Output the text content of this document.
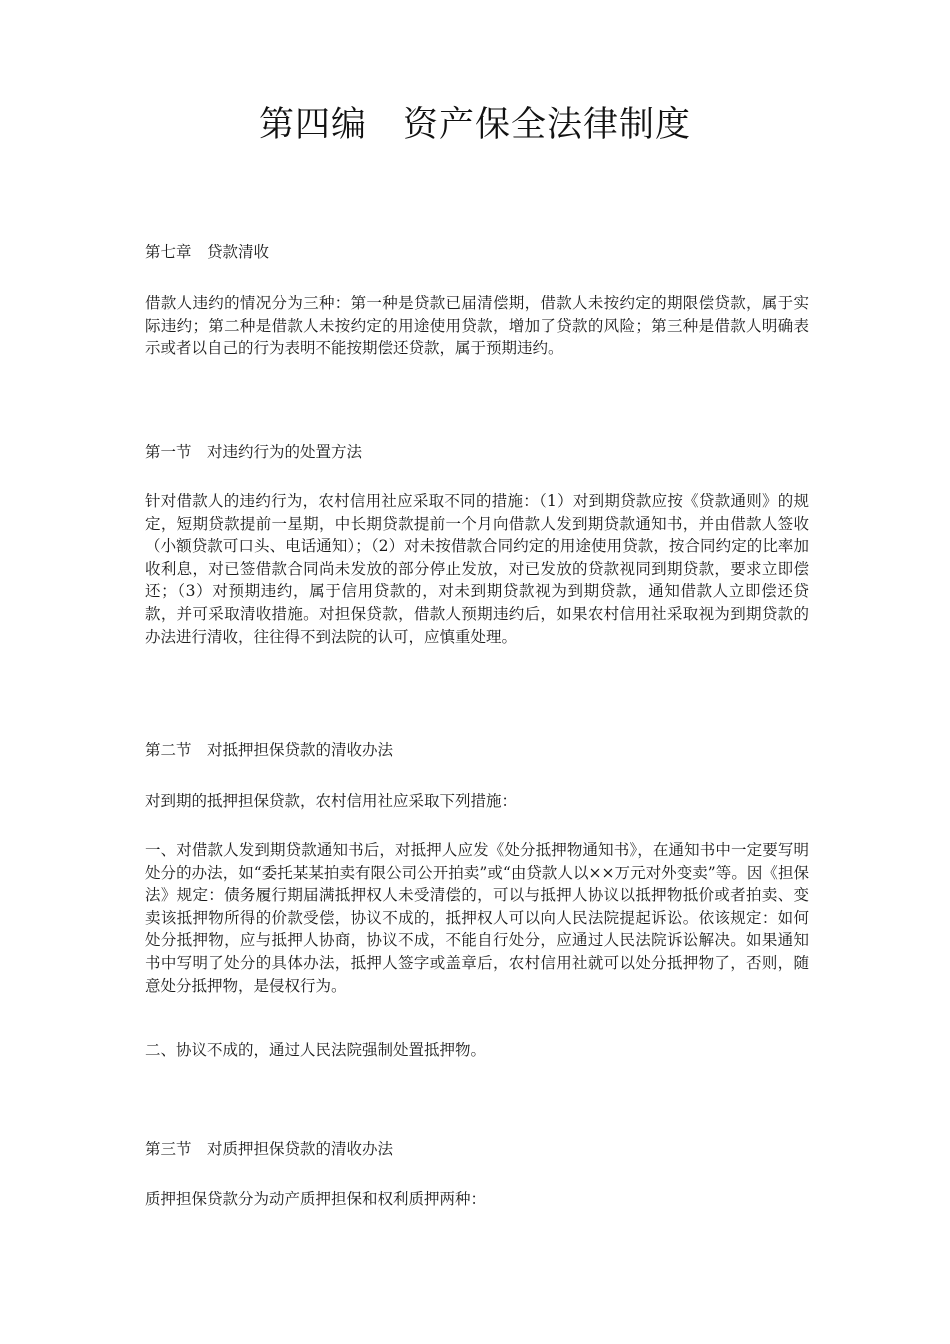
第四编　资产保全法律制度
第七章　贷款清收
借款人违约的情况分为三种：第一种是贷款已届清偿期，借款人未按约定的期限偿贷款，属于实际违约；第二种是借款人未按约定的用途使用贷款，增加了贷款的风险；第三种是借款人明确表示或者以自己的行为表明不能按期偿还贷款，属于预期违约。
第一节　对违约行为的处置方法
针对借款人的违约行为，农村信用社应采取不同的措施：（1）对到期贷款应按《贷款通则》的规定，短期贷款提前一星期，中长期贷款提前一个月向借款人发到期贷款通知书，并由借款人签收（小额贷款可口头、电话通知）；（2）对未按借款合同约定的用途使用贷款，按合同约定的比率加收利息，对已签借款合同尚未发放的部分停止发放，对已发放的贷款视同到期贷款，要求立即偿还；（3）对预期违约，属于信用贷款的，对未到期贷款视为到期贷款，通知借款人立即偿还贷款，并可采取清收措施。对担保贷款，借款人预期违约后，如果农村信用社采取视为到期贷款的办法进行清收，往往得不到法院的认可，应慎重处理。
第二节　对抵押担保贷款的清收办法
对到期的抵押担保贷款，农村信用社应采取下列措施：
一、对借款人发到期贷款通知书后，对抵押人应发《处分抵押物通知书》，在通知书中一定要写明处分的办法，如“委托某某拍卖有限公司公开拍卖”或“由贷款人以××万元对外变卖”等。因《担保法》规定：债务履行期届满抵押权人未受清偿的，可以与抵押人协议以抵押物抵价或者拍卖、变卖该抵押物所得的价款受偿，协议不成的，抵押权人可以向人民法院提起诉讼。依该规定：如何处分抵押物，应与抵押人协商，协议不成，不能自行处分，应通过人民法院诉讼解决。如果通知书中写明了处分的具体办法，抵押人签字或盖章后，农村信用社就可以处分抵押物了，否则，随意处分抵押物，是侵权行为。
二、协议不成的，通过人民法院强制处置抵押物。
第三节　对质押担保贷款的清收办法
质押担保贷款分为动产质押担保和权利质押两种：
